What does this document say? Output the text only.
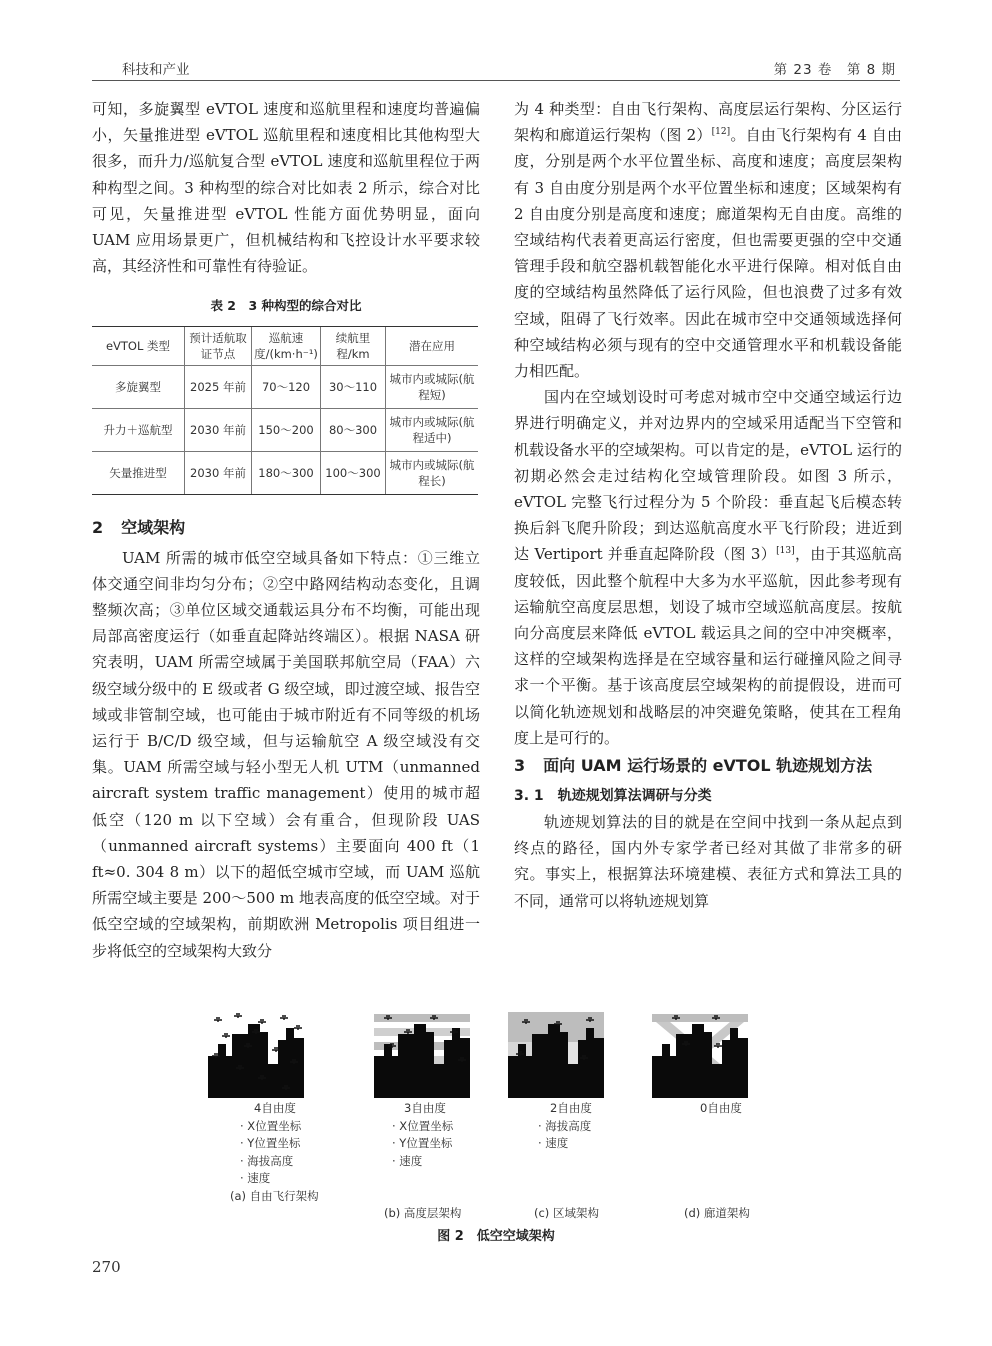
科技和产业	第 23 卷　第 8 期

可知，多旋翼型 eVTOL 速度和巡航里程和速度均普遍偏小，矢量推进型 eVTOL 巡航里程和速度相比其他构型大很多，而升力/巡航复合型 eVTOL 速度和巡航里程位于两种构型之间。3 种构型的综合对比如表 2 所示，综合对比可见，矢量推进型 eVTOL 性能方面优势明显，面向 UAM 应用场景更广，但机械结构和飞控设计水平要求较高，其经济性和可靠性有待验证。

表 2　3 种构型的综合对比
eVTOL 类型	预计适航取证节点	巡航速度/(km·h⁻¹)	续航里程/km	潜在应用
多旋翼型	2025 年前	70～120	30～110	城市内或城际(航程短)
升力＋巡航型	2030 年前	150～200	80～300	城市内或城际(航程适中)
矢量推进型	2030 年前	180～300	100～300	城市内或城际(航程长)
2 空域架构

UAM 所需的城市低空空域具备如下特点：①三维立体交通空间非均匀分布；②空中路网结构动态变化，且调整频次高；③单位区域交通载运具分布不均衡，可能出现局部高密度运行（如垂直起降站终端区）。根据 NASA 研究表明，UAM 所需空域属于美国联邦航空局（FAA）六级空域分级中的 E 级或者 G 级空域，即过渡空域、报告空域或非管制空域，也可能由于城市附近有不同等级的机场运行于 B/C/D 级空域，但与运输航空 A 级空域没有交集。UAM 所需空域与轻小型无人机 UTM（unmanned aircraft system traffic management）使用的城市超低空（120 m 以下空域）会有重合，但现阶段 UAS（unmanned aircraft systems）主要面向 400 ft（1 ft≈0. 304 8 m）以下的超低空城市空域，而 UAM 巡航所需空域主要是 200～500 m 地表高度的低空空域。对于低空空域的空域架构，前期欧洲 Metropolis 项目组进一步将低空的空域架构大致分

为 4 种类型：自由飞行架构、高度层运行架构、分区运行架构和廊道运行架构（图 2）[12]。自由飞行架构有 4 自由度，分别是两个水平位置坐标、高度和速度；高度层架构有 3 自由度分别是两个水平位置坐标和速度；区域架构有 2 自由度分别是高度和速度；廊道架构无自由度。高维的空域结构代表着更高运行密度，但也需要更强的空中交通管理手段和航空器机载智能化水平进行保障。相对低自由度的空域结构虽然降低了运行风险，但也浪费了过多有效空域，阻碍了飞行效率。因此在城市空中交通领域选择何种空域结构必须与现有的空中交通管理水平和机载设备能力相匹配。

国内在空域划设时可考虑对城市空中交通空域运行边界进行明确定义，并对边界内的空域采用适配当下空管和机载设备水平的空域架构。可以肯定的是，eVTOL 运行的初期必然会走过结构化空域管理阶段。如图 3 所示，eVTOL 完整飞行过程分为 5 个阶段：垂直起飞后模态转换后斜飞爬升阶段；到达巡航高度水平飞行阶段；进近到达 Vertiport 并垂直起降阶段（图 3）[13]，由于其巡航高度较低，因此整个航程中大多为水平巡航，因此参考现有运输航空高度层思想，划设了城市空域巡航高度层。按航向分高度层来降低 eVTOL 载运具之间的空中冲突概率，这样的空域架构选择是在空域容量和运行碰撞风险之间寻求一个平衡。基于该高度层空域架构的前提假设，进而可以简化轨迹规划和战略层的冲突避免策略，使其在工程角度上是可行的。

3 面向 UAM 运行场景的 eVTOL 轨迹规划方法
3. 1 轨迹规划算法调研与分类

轨迹规划算法的目的就是在空间中找到一条从起点到终点的路径，国内外专家学者已经对其做了非常多的研究。事实上，根据算法环境建模、表征方式和算法工具的不同，通常可以将轨迹规划算

4自由度
· X位置坐标
· Y位置坐标
· 海拔高度
· 速度
(a) 自由飞行架构
3自由度
· X位置坐标
· Y位置坐标
· 速度
(b) 高度层架构
2自由度
· 海拔高度
· 速度
(c) 区域架构
0自由度
(d) 廊道架构
图 2　低空空域架构
270
